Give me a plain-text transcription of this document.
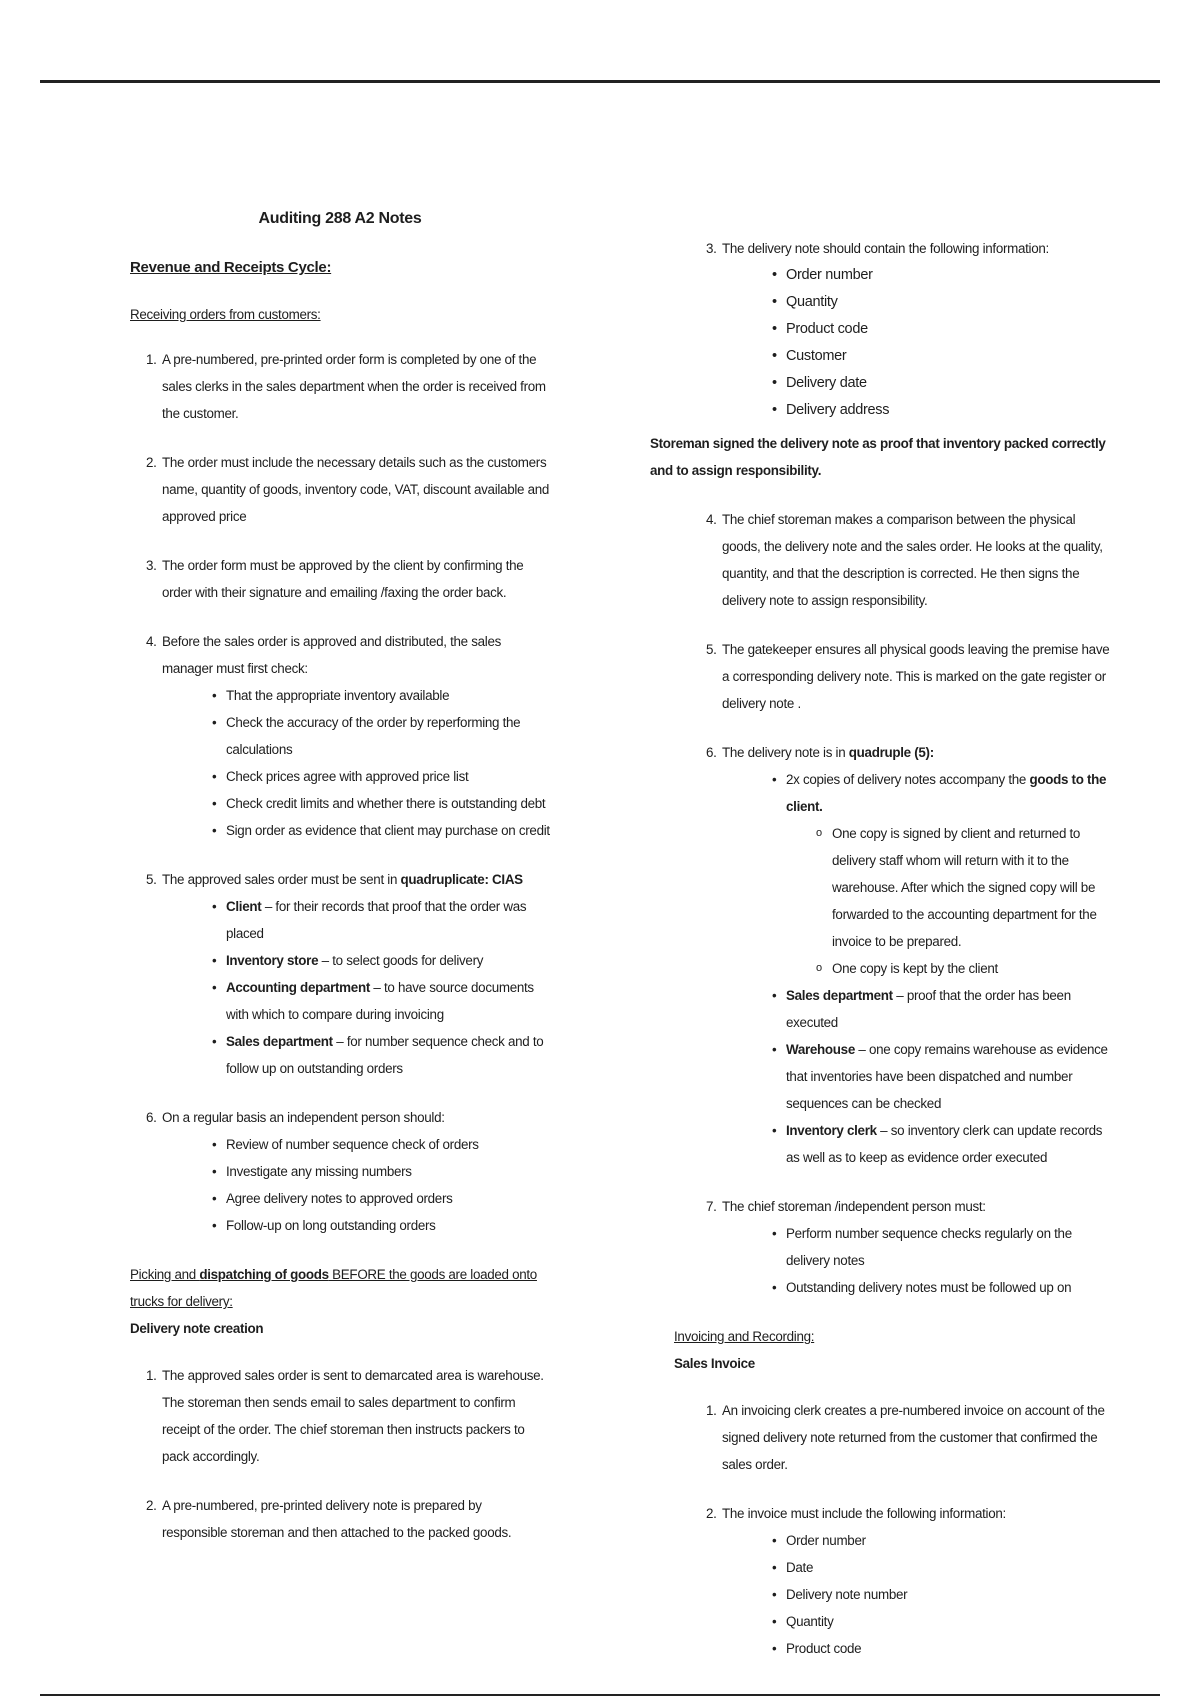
Auditing 288 A2 Notes
Revenue and Receipts Cycle:
Receiving orders from customers:
1. A pre-numbered, pre-printed order form is completed by one of the sales clerks in the sales department when the order is received from the customer.
2. The order must include the necessary details such as the customers name, quantity of goods, inventory code, VAT, discount available and approved price
3. The order form must be approved by the client by confirming the order with their signature and emailing /faxing the order back.
4. Before the sales order is approved and distributed, the sales manager must first check:
• That the appropriate inventory available
• Check the accuracy of the order by reperforming the calculations
• Check prices agree with approved price list
• Check credit limits and whether there is outstanding debt
• Sign order as evidence that client may purchase on credit
5. The approved sales order must be sent in quadruplicate: CIAS
• Client – for their records that proof that the order was placed
• Inventory store – to select goods for delivery
• Accounting department – to have source documents with which to compare during invoicing
• Sales department – for number sequence check and to follow up on outstanding orders
6. On a regular basis an independent person should:
• Review of number sequence check of orders
• Investigate any missing numbers
• Agree delivery notes to approved orders
• Follow-up on long outstanding orders
Picking and dispatching of goods BEFORE the goods are loaded onto trucks for delivery:
Delivery note creation
1. The approved sales order is sent to demarcated area is warehouse. The storeman then sends email to sales department to confirm receipt of the order. The chief storeman then instructs packers to pack accordingly.
2. A pre-numbered, pre-printed delivery note is prepared by responsible storeman and then attached to the packed goods.
3. The delivery note should contain the following information:
• Order number
• Quantity
• Product code
• Customer
• Delivery date
• Delivery address
Storeman signed the delivery note as proof that inventory packed correctly and to assign responsibility.
4. The chief storeman makes a comparison between the physical goods, the delivery note and the sales order. He looks at the quality, quantity, and that the description is corrected. He then signs the delivery note to assign responsibility.
5. The gatekeeper ensures all physical goods leaving the premise have a corresponding delivery note. This is marked on the gate register or delivery note .
6. The delivery note is in quadruple (5):
• 2x copies of delivery notes accompany the goods to the client.
o One copy is signed by client and returned to delivery staff whom will return with it to the warehouse. After which the signed copy will be forwarded to the accounting department for the invoice to be prepared.
o One copy is kept by the client
• Sales department – proof that the order has been executed
• Warehouse – one copy remains warehouse as evidence that inventories have been dispatched and number sequences can be checked
• Inventory clerk – so inventory clerk can update records as well as to keep as evidence order executed
7. The chief storeman /independent person must:
• Perform number sequence checks regularly on the delivery notes
• Outstanding delivery notes must be followed up on
Invoicing and Recording:
Sales Invoice
1. An invoicing clerk creates a pre-numbered invoice on account of the signed delivery note returned from the customer that confirmed the sales order.
2. The invoice must include the following information:
• Order number
• Date
• Delivery note number
• Quantity
• Product code
